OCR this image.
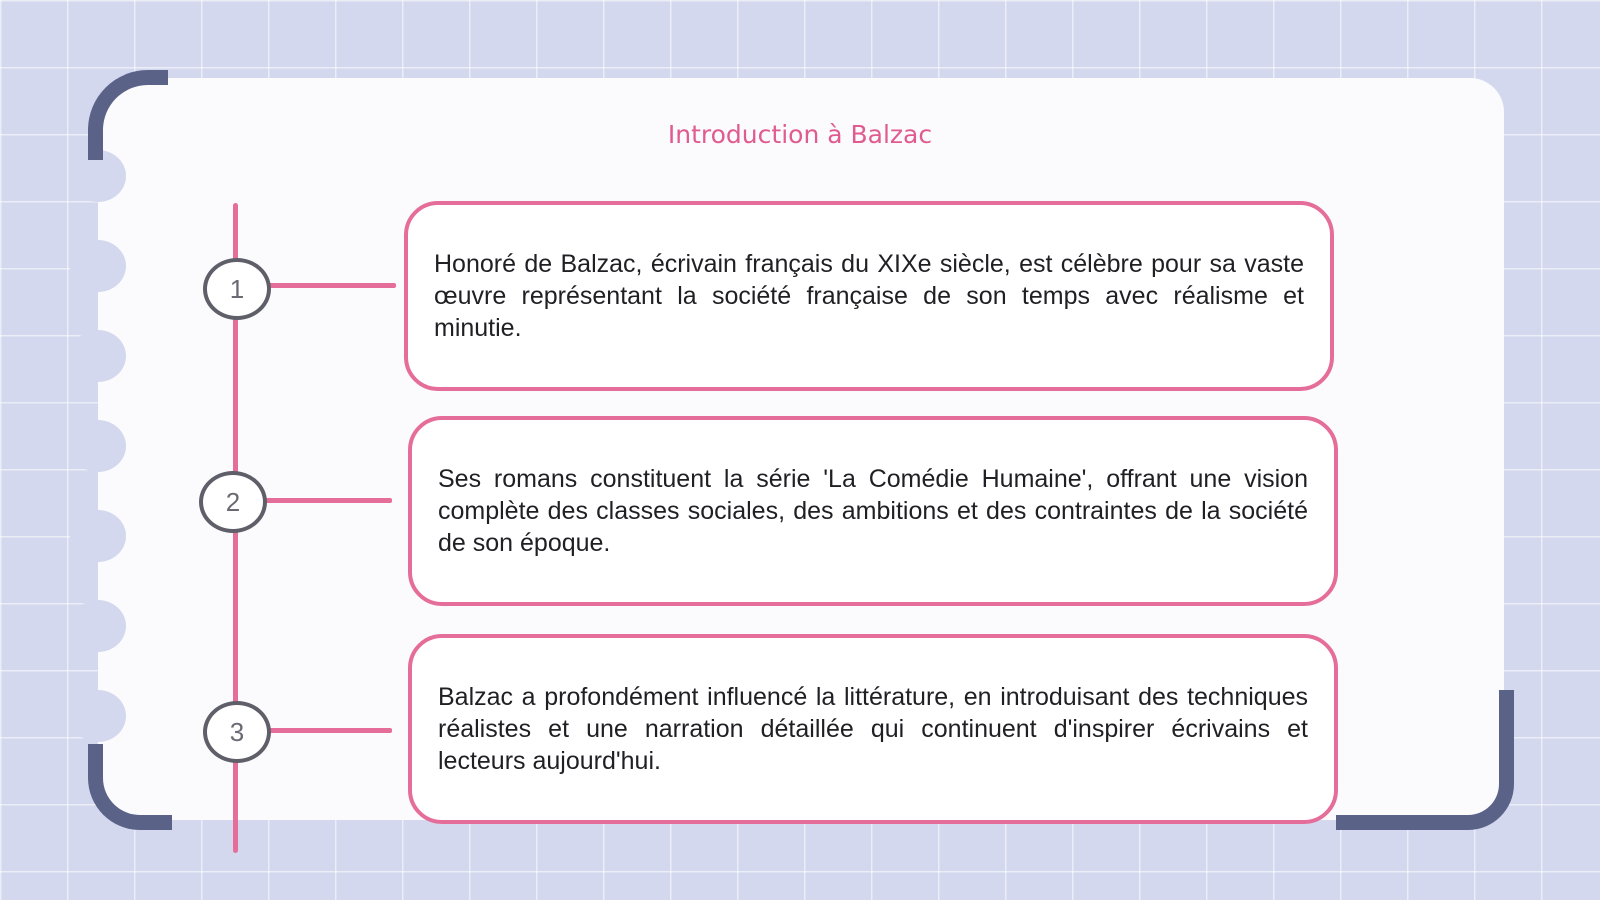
Introduction à Balzac
1

Honoré de Balzac, écrivain français du XIXe siècle, est célèbre pour sa vaste œuvre représentant la société française de son temps avec réalisme et minutie.

2

Ses romans constituent la série 'La Comédie Humaine', offrant une vision complète des classes sociales, des ambitions et des contraintes de la société de son époque.

3

Balzac a profondément influencé la littérature, en introduisant des techniques réalistes et une narration détaillée qui continuent d'inspirer écrivains et lecteurs aujourd'hui.
